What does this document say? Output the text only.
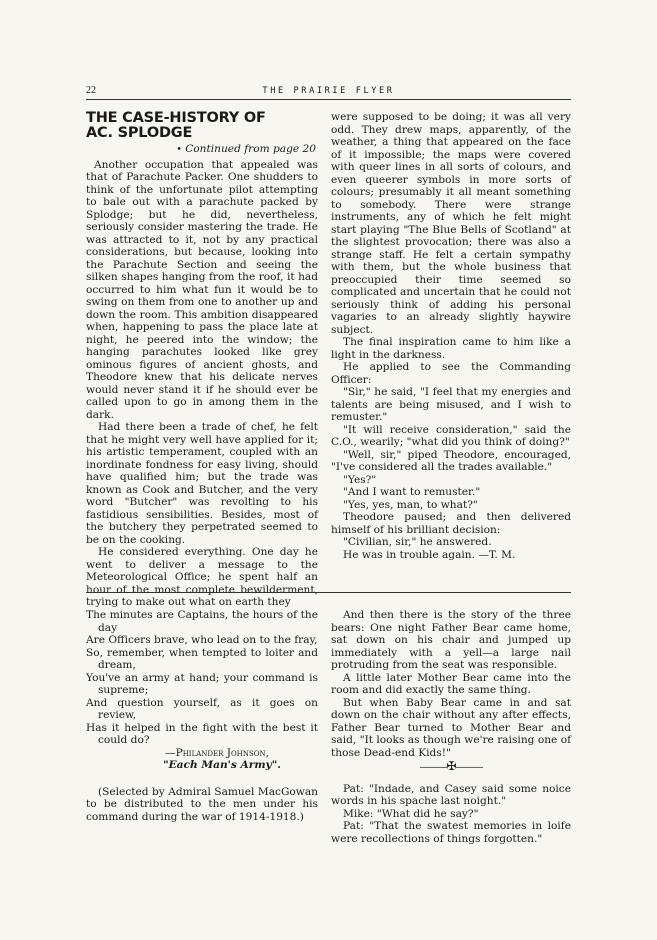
22	THE PRAIRIE FLYER
THE CASE-HISTORY OF
AC. SPLODGE
• Continued from page 20

Another occupation that appealed was that of Parachute Packer. One shudders to think of the unfortunate pilot attempting to bale out with a parachute packed by Splodge; but he did, nevertheless, seriously consider mastering the trade. He was attracted to it, not by any practical considerations, but because, looking into the Parachute Section and seeing the silken shapes hanging from the roof, it had occurred to him what fun it would be to swing on them from one to another up and down the room. This ambition disappeared when, happening to pass the place late at night, he peered into the window; the hanging parachutes looked like grey ominous figures of ancient ghosts, and Theodore knew that his delicate nerves would never stand it if he should ever be called upon to go in among them in the dark.

Had there been a trade of chef, he felt that he might very well have applied for it; his artistic temperament, coupled with an inordinate fondness for easy living, should have qualified him; but the trade was known as Cook and Butcher, and the very word "Butcher" was revolting to his fastidious sensibilities. Besides, most of the butchery they perpetrated seemed to be on the cooking.

He considered everything. One day he went to deliver a message to the Meteorological Office; he spent half an hour of the most complete bewilderment, trying to make out what on earth they

were supposed to be doing; it was all very odd. They drew maps, apparently, of the weather, a thing that appeared on the face of it impossible; the maps were covered with queer lines in all sorts of colours, and even queerer symbols in more sorts of colours; presumably it all meant something to somebody. There were strange instruments, any of which he felt might start playing "The Blue Bells of Scotland" at the slightest provocation; there was also a strange staff. He felt a certain sympathy with them, but the whole business that preoccupied their time seemed so complicated and uncertain that he could not seriously think of adding his personal vagaries to an already slightly haywire subject.

The final inspiration came to him like a light in the darkness.

He applied to see the Commanding Officer:

"Sir," he said, "I feel that my energies and talents are being misused, and I wish to remuster."

"It will receive consideration," said the C.O., wearily; "what did you think of doing?"

"Well, sir," piped Theodore, encouraged, "I've considered all the trades available."

"Yes?"

"And I want to remuster."

"Yes, yes, man, to what?"

Theodore paused; and then delivered himself of his brilliant decision:

"Civilian, sir," he answered.

He was in trouble again. —T. M.

The minutes are Captains, the hours of the day

Are Officers brave, who lead on to the fray,

So, remember, when tempted to loiter and dream,

You've an army at hand; your command is supreme;

And question yourself, as it goes on review,

Has it helped in the fight with the best it could do?

—Philander Johnson,
"Each Man's Army".

(Selected by Admiral Samuel MacGowan to be distributed to the men under his command during the war of 1914-1918.)

And then there is the story of the three bears: One night Father Bear came home, sat down on his chair and jumped up immediately with a yell—a large nail protruding from the seat was responsible.

A little later Mother Bear came into the room and did exactly the same thing.

But when Baby Bear came in and sat down on the chair without any after effects, Father Bear turned to Mother Bear and said, "It looks as though we're raising one of those Dead-end Kids!"

———✠———

Pat: "Indade, and Casey said some noice words in his spache last noight."

Mike: "What did he say?"

Pat: "That the swatest memories in loife were recollections of things forgotten."
